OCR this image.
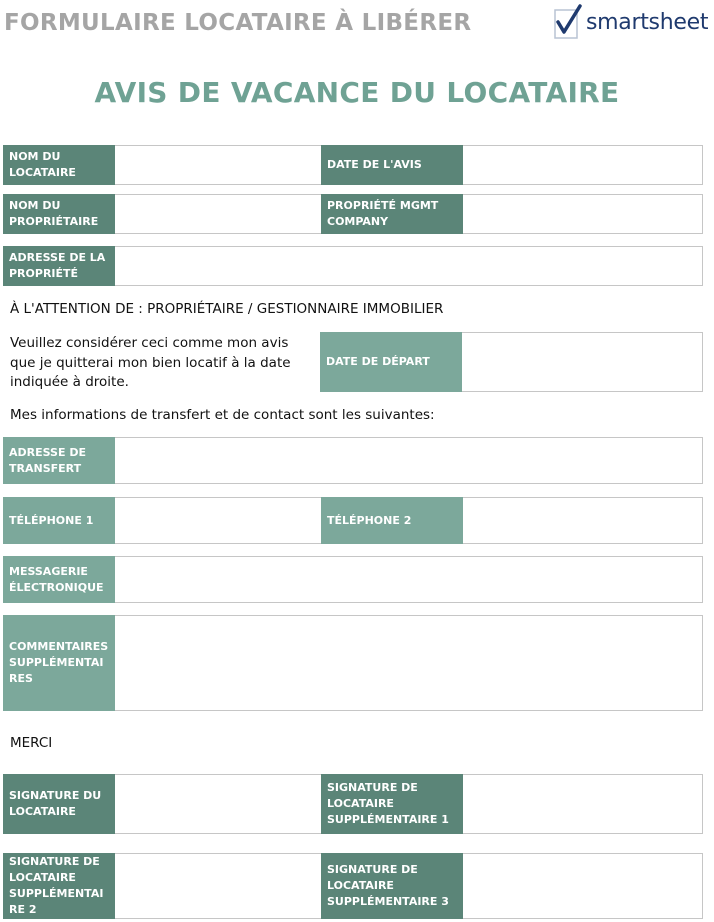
FORMULAIRE LOCATAIRE À LIBÉRER	smartsheet
AVIS DE VACANCE DU LOCATAIRE
NOM DU LOCATAIRE
DATE DE L'AVIS
NOM DU PROPRIÉTAIRE
PROPRIÉTÉ MGMT COMPANY
ADRESSE DE LA PROPRIÉTÉ
À L'ATTENTION DE : PROPRIÉTAIRE / GESTIONNAIRE IMMOBILIER
Veuillez considérer ceci comme mon avis que je quitterai mon bien locatif à la date indiquée à droite.
DATE DE DÉPART
Mes informations de transfert et de contact sont les suivantes:
ADRESSE DE TRANSFERT
TÉLÉPHONE 1	TÉLÉPHONE 2
MESSAGERIE ÉLECTRONIQUE
COMMENTAIRES SUPPLÉMENTAI RES
MERCI
SIGNATURE DU LOCATAIRE
SIGNATURE DE LOCATAIRE SUPPLÉMENTAIRE 1
SIGNATURE DE LOCATAIRE SUPPLÉMENTAI RE 2
SIGNATURE DE LOCATAIRE SUPPLÉMENTAIRE 3
